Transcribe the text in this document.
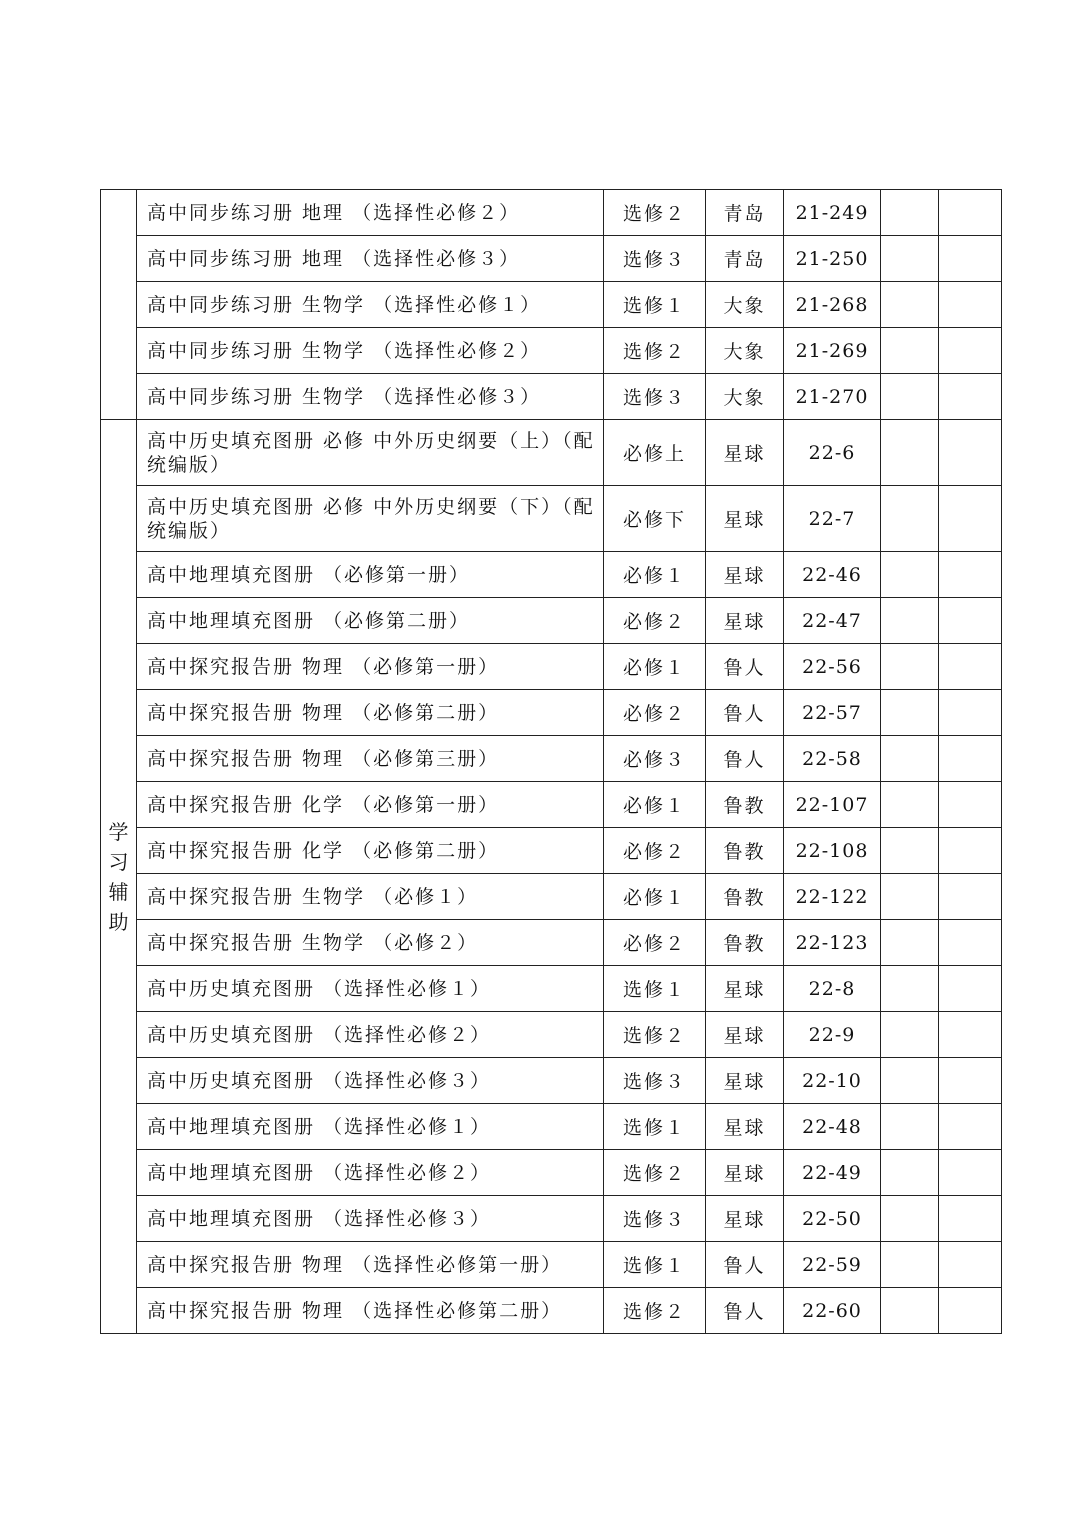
	高中同步练习册 地理 （选择性必修２）	选修２	青岛	21-249		
	高中同步练习册 地理 （选择性必修３）	选修３	青岛	21-250		
	高中同步练习册 生物学 （选择性必修１）	选修１	大象	21-268		
	高中同步练习册 生物学 （选择性必修２）	选修２	大象	21-269		
	高中同步练习册 生物学 （选择性必修３）	选修３	大象	21-270		
学习辅助	高中历史填充图册 必修 中外历史纲要（上）（配统编版）	必修上	星球	22-6		
	高中历史填充图册 必修 中外历史纲要（下）（配统编版）	必修下	星球	22-7		
	高中地理填充图册 （必修第一册）	必修１	星球	22-46		
	高中地理填充图册 （必修第二册）	必修２	星球	22-47		
	高中探究报告册 物理 （必修第一册）	必修１	鲁人	22-56		
	高中探究报告册 物理 （必修第二册）	必修２	鲁人	22-57		
	高中探究报告册 物理 （必修第三册）	必修３	鲁人	22-58		
	高中探究报告册 化学 （必修第一册）	必修１	鲁教	22-107		
	高中探究报告册 化学 （必修第二册）	必修２	鲁教	22-108		
	高中探究报告册 生物学 （必修１）	必修１	鲁教	22-122		
	高中探究报告册 生物学 （必修２）	必修２	鲁教	22-123		
	高中历史填充图册 （选择性必修１）	选修１	星球	22-8		
	高中历史填充图册 （选择性必修２）	选修２	星球	22-9		
	高中历史填充图册 （选择性必修３）	选修３	星球	22-10		
	高中地理填充图册 （选择性必修１）	选修１	星球	22-48		
	高中地理填充图册 （选择性必修２）	选修２	星球	22-49		
	高中地理填充图册 （选择性必修３）	选修３	星球	22-50		
	高中探究报告册 物理 （选择性必修第一册）	选修１	鲁人	22-59		
	高中探究报告册 物理 （选择性必修第二册）	选修２	鲁人	22-60		
